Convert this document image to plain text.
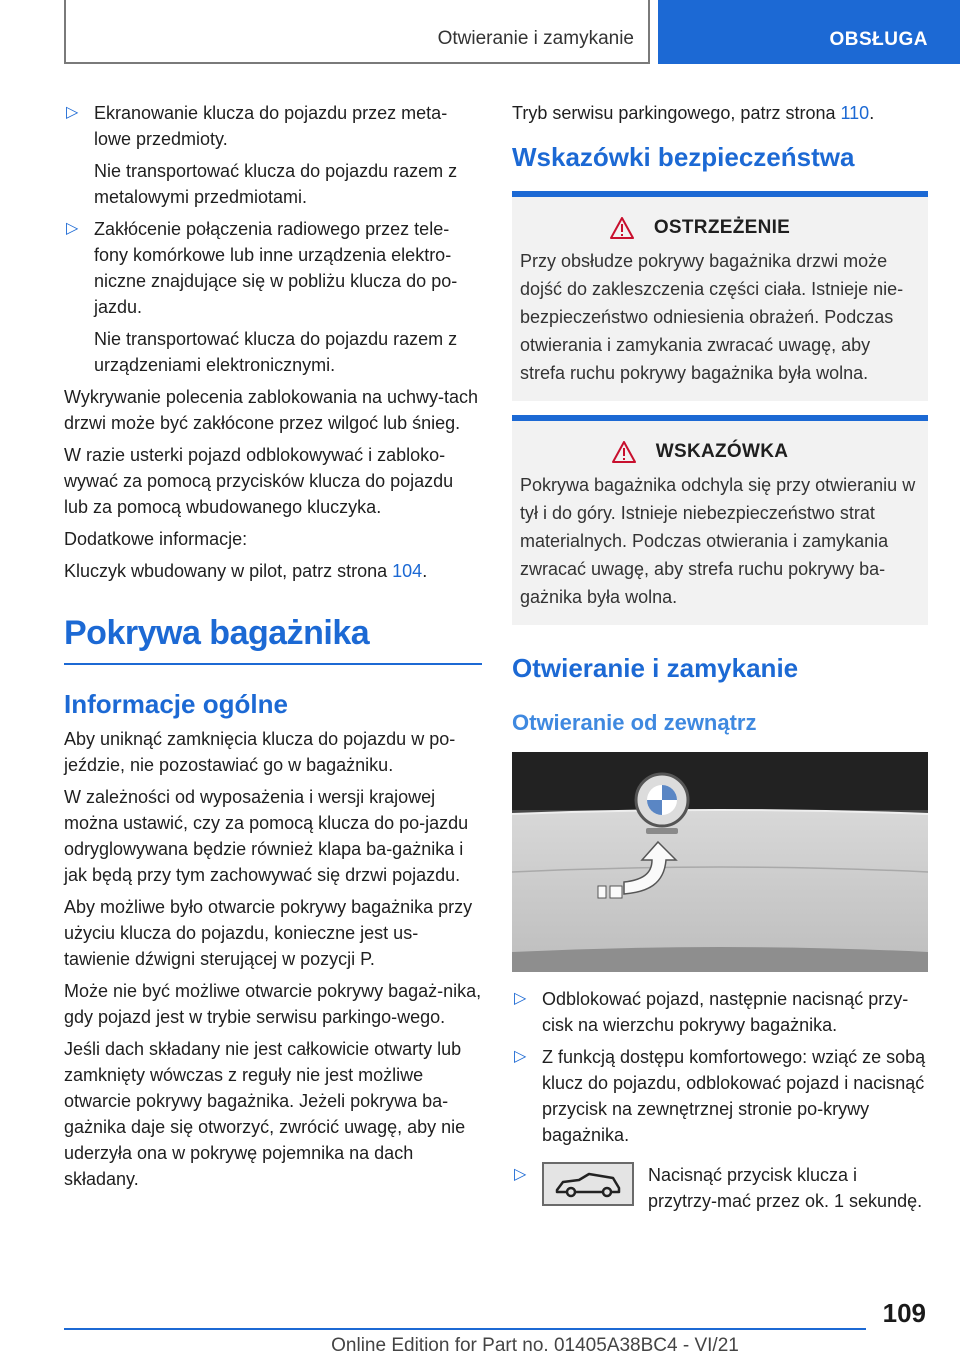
Otwieranie i zamykanie	OBSŁUGA
▷ Ekranowanie klucza do pojazdu przez meta‐lowe przedmioty.
Nie transportować klucza do pojazdu razem z metalowymi przedmiotami.
▷ Zakłócenie połączenia radiowego przez tele‐fony komórkowe lub inne urządzenia elektro‐niczne znajdujące się w pobliżu klucza do po‐jazdu.
Nie transportować klucza do pojazdu razem z urządzeniami elektronicznymi.

Wykrywanie polecenia zablokowania na uchwy‐tach drzwi może być zakłócone przez wilgoć lub śnieg.

W razie usterki pojazd odblokowywać i zabloko‐wywać za pomocą przycisków klucza do pojazdu lub za pomocą wbudowanego kluczyka.

Dodatkowe informacje:

Kluczyk wbudowany w pilot, patrz strona 104.

Pokrywa bagażnika
Informacje ogólne

Aby uniknąć zamknięcia klucza do pojazdu w po‐jeździe, nie pozostawiać go w bagażniku.

W zależności od wyposażenia i wersji krajowej można ustawić, czy za pomocą klucza do po‐jazdu odryglowywana będzie również klapa ba‐gażnika i jak będą przy tym zachowywać się drzwi pojazdu.

Aby możliwe było otwarcie pokrywy bagażnika przy użyciu klucza do pojazdu, konieczne jest us‐tawienie dźwigni sterującej w pozycji P.

Może nie być możliwe otwarcie pokrywy bagaż‐nika, gdy pojazd jest w trybie serwisu parkingo‐wego.

Jeśli dach składany nie jest całkowicie otwarty lub zamknięty wówczas z reguły nie jest możliwe otwarcie pokrywy bagażnika. Jeżeli pokrywa ba‐gażnika daje się otworzyć, zwrócić uwagę, aby nie uderzyła ona w pokrywę pojemnika na dach składany.

Tryb serwisu parkingowego, patrz strona 110.

Wskazówki bezpieczeństwa
OSTRZEŻENIE
Przy obsłudze pokrywy bagażnika drzwi może dojść do zakleszczenia części ciała. Istnieje nie‐bezpieczeństwo odniesienia obrażeń. Podczas otwierania i zamykania zwracać uwagę, aby strefa ruchu pokrywy bagażnika była wolna.
WSKAZÓWKA
Pokrywa bagażnika odchyla się przy otwieraniu w tył i do góry. Istnieje niebezpieczeństwo strat materialnych. Podczas otwierania i zamykania zwracać uwagę, aby strefa ruchu pokrywy ba‐gażnika była wolna.
Otwieranie i zamykanie
Otwieranie od zewnątrz
▷ Odblokować pojazd, następnie nacisnąć przy‐cisk na wierzchu pokrywy bagażnika.
▷ Z funkcją dostępu komfortowego: wziąć ze sobą klucz do pojazdu, odblokować pojazd i nacisnąć przycisk na zewnętrznej stronie po‐krywy bagażnika.
▷	Nacisnąć przycisk klucza i przytrzy‐mać przez ok. 1 sekundę.
109
Online Edition for Part no. 01405A38BC4 - VI/21
